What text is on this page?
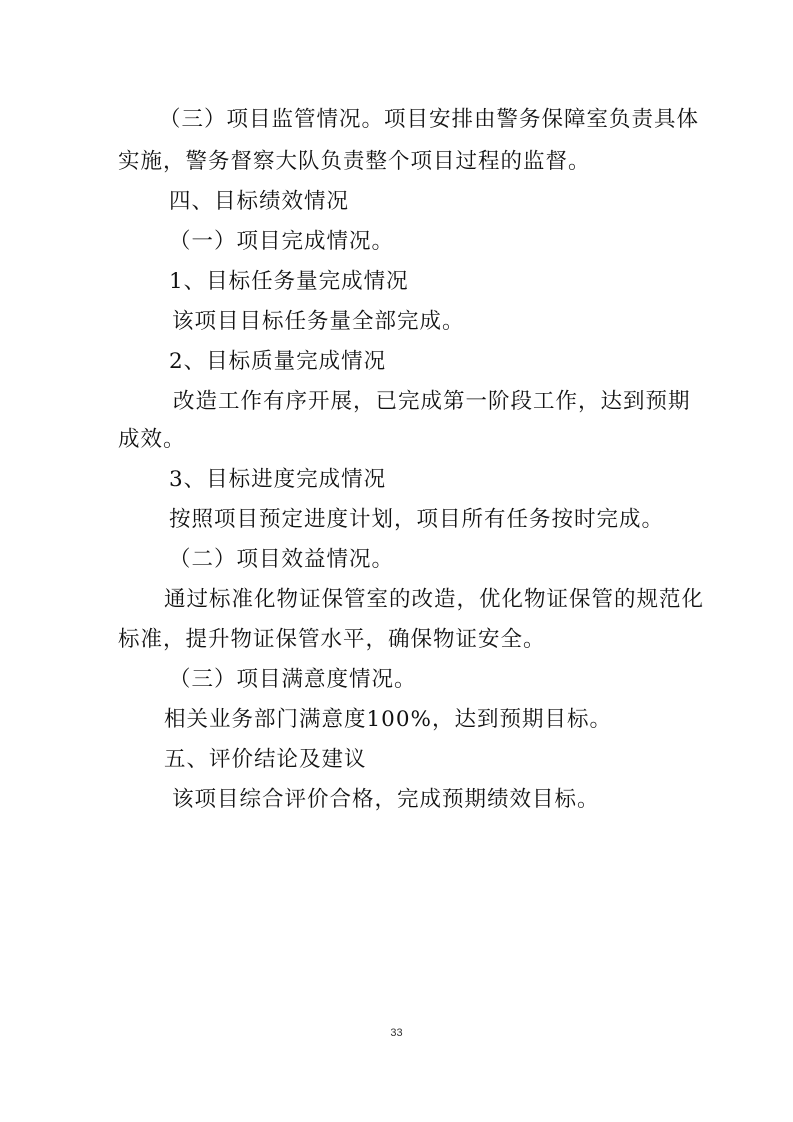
（三）项目监管情况。项目安排由警务保障室负责具体
实施，警务督察大队负责整个项目过程的监督。
四、目标绩效情况
（一）项目完成情况。
1、目标任务量完成情况
该项目目标任务量全部完成。
2、目标质量完成情况
改造工作有序开展，已完成第一阶段工作，达到预期
成效。
3、目标进度完成情况
按照项目预定进度计划，项目所有任务按时完成。
（二）项目效益情况。
通过标准化物证保管室的改造，优化物证保管的规范化
标准，提升物证保管水平，确保物证安全。
（三）项目满意度情况。
相关业务部门满意度100%，达到预期目标。
五、评价结论及建议
该项目综合评价合格，完成预期绩效目标。
33
